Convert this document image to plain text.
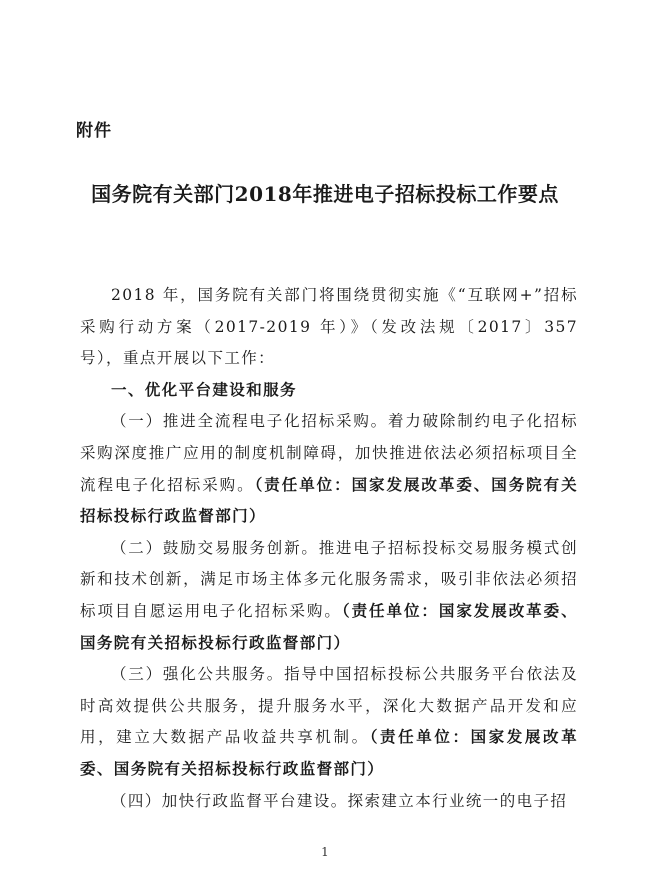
附件
国务院有关部门2018年推进电子招标投标工作要点

2018 年，国务院有关部门将围绕贯彻实施《“互联网+”招标采购行动方案（2017-2019 年）》（发改法规〔2017〕357 号），重点开展以下工作：

一、优化平台建设和服务

（一）推进全流程电子化招标采购。着力破除制约电子化招标采购深度推广应用的制度机制障碍，加快推进依法必须招标项目全流程电子化招标采购。（责任单位：国家发展改革委、国务院有关招标投标行政监督部门）

（二）鼓励交易服务创新。推进电子招标投标交易服务模式创新和技术创新，满足市场主体多元化服务需求，吸引非依法必须招标项目自愿运用电子化招标采购。（责任单位：国家发展改革委、国务院有关招标投标行政监督部门）

（三）强化公共服务。指导中国招标投标公共服务平台依法及时高效提供公共服务，提升服务水平，深化大数据产品开发和应用，建立大数据产品收益共享机制。（责任单位：国家发展改革委、国务院有关招标投标行政监督部门）

（四）加快行政监督平台建设。探索建立本行业统一的电子招

1
